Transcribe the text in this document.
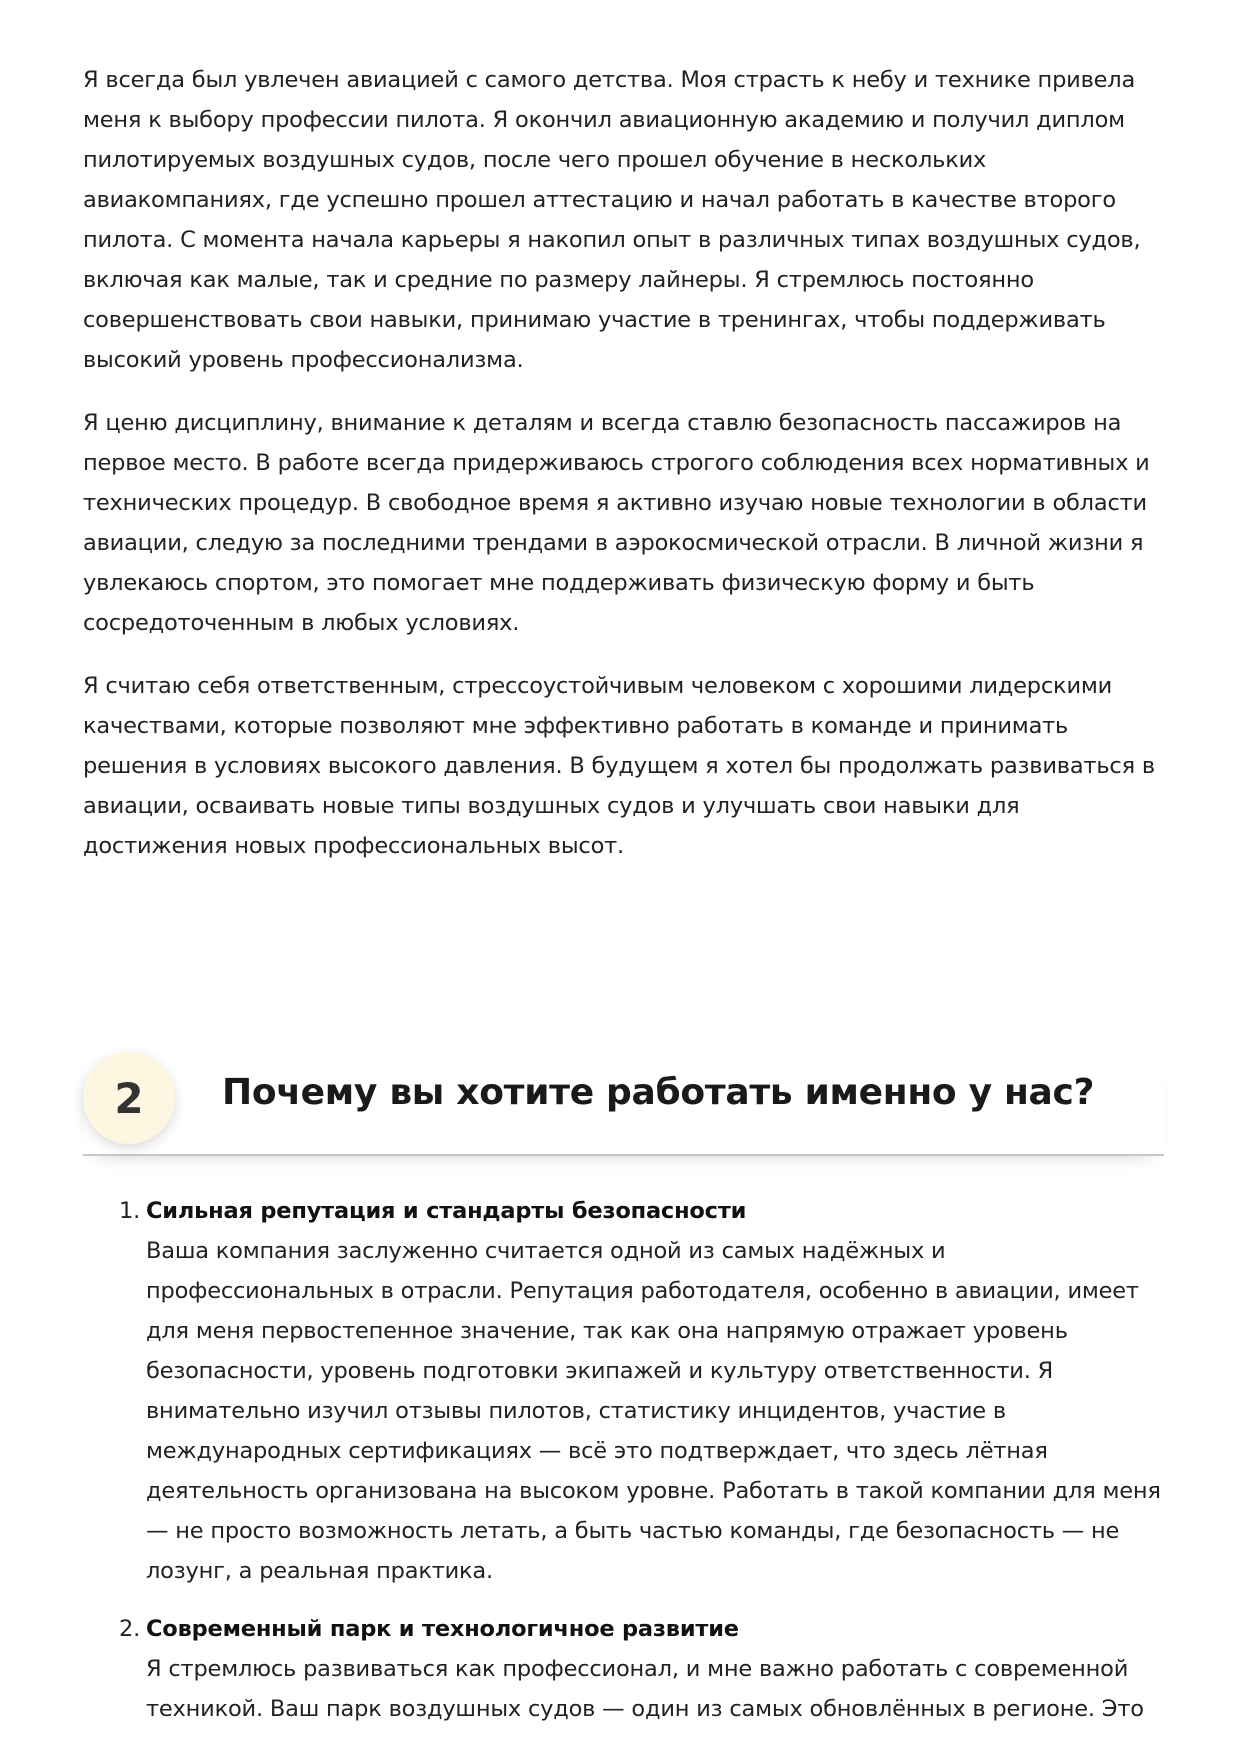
Я всегда был увлечен авиацией с самого детства. Моя страсть к небу и технике привела меня к выбору профессии пилота. Я окончил авиационную академию и получил диплом пилотируемых воздушных судов, после чего прошел обучение в нескольких авиакомпаниях, где успешно прошел аттестацию и начал работать в качестве второго пилота. С момента начала карьеры я накопил опыт в различных типах воздушных судов, включая как малые, так и средние по размеру лайнеры. Я стремлюсь постоянно совершенствовать свои навыки, принимаю участие в тренингах, чтобы поддерживать высокий уровень профессионализма.

Я ценю дисциплину, внимание к деталям и всегда ставлю безопасность пассажиров на первое место. В работе всегда придерживаюсь строгого соблюдения всех нормативных и технических процедур. В свободное время я активно изучаю новые технологии в области авиации, следую за последними трендами в аэрокосмической отрасли. В личной жизни я увлекаюсь спортом, это помогает мне поддерживать физическую форму и быть сосредоточенным в любых условиях.

Я считаю себя ответственным, стрессоустойчивым человеком с хорошими лидерскими качествами, которые позволяют мне эффективно работать в команде и принимать решения в условиях высокого давления. В будущем я хотел бы продолжать развиваться в авиации, осваивать новые типы воздушных судов и улучшать свои навыки для достижения новых профессиональных высот.

2	Почему вы хотите работать именно у нас?
1. Сильная репутация и стандарты безопасности
Ваша компания заслуженно считается одной из самых надёжных и профессиональных в отрасли. Репутация работодателя, особенно в авиации, имеет для меня первостепенное значение, так как она напрямую отражает уровень безопасности, уровень подготовки экипажей и культуру ответственности. Я внимательно изучил отзывы пилотов, статистику инцидентов, участие в международных сертификациях — всё это подтверждает, что здесь лётная деятельность организована на высоком уровне. Работать в такой компании для меня — не просто возможность летать, а быть частью команды, где безопасность — не лозунг, а реальная практика.
2. Современный парк и технологичное развитие
Я стремлюсь развиваться как профессионал, и мне важно работать с современной техникой. Ваш парк воздушных судов — один из самых обновлённых в регионе. Это
